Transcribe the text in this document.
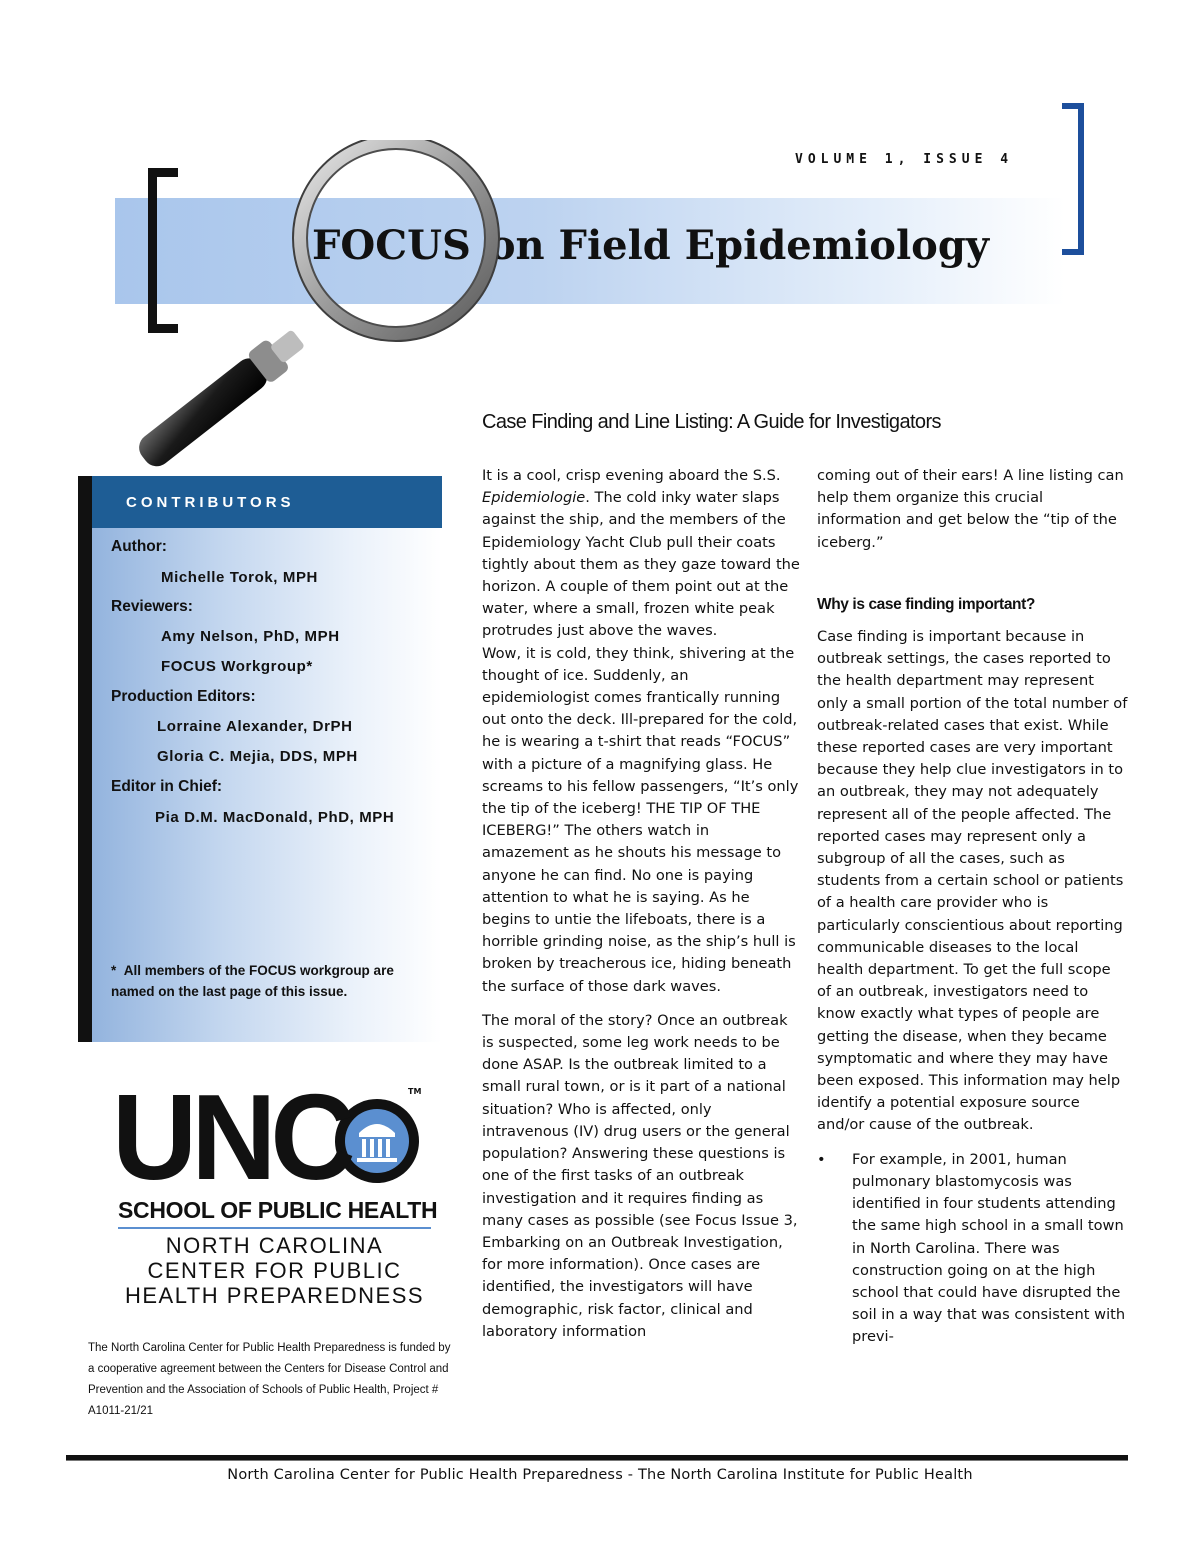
VOLUME 1, ISSUE 4
FOCUS on Field Epidemiology
CONTRIBUTORS
Author:
Michelle Torok, MPH
Reviewers:
Amy Nelson, PhD, MPH
FOCUS Workgroup*
Production Editors:
Lorraine Alexander, DrPH
Gloria C. Mejia, DDS, MPH
Editor in Chief:
Pia D.M. MacDonald, PhD, MPH
* All members of the FOCUS workgroup are named on the last page of this issue.
UNC	TM
SCHOOL OF PUBLIC HEALTH
NORTH CAROLINA
CENTER FOR PUBLIC
HEALTH PREPAREDNESS
The North Carolina Center for Public Health Preparedness is funded by a cooperative agreement between the Centers for Disease Control and Prevention and the Association of Schools of Public Health, Project # A1011-21/21
Case Finding and Line Listing: A Guide for Investigators

It is a cool, crisp evening aboard the S.S. Epidemiologie. The cold inky water slaps against the ship, and the members of the Epidemiology Yacht Club pull their coats tightly about them as they gaze toward the horizon. A couple of them point out at the water, where a small, frozen white peak protrudes just above the waves.

Wow, it is cold, they think, shivering at the thought of ice. Suddenly, an epidemiologist comes frantically running out onto the deck. Ill-prepared for the cold, he is wearing a t-shirt that reads “FOCUS” with a picture of a magnifying glass. He screams to his fellow passengers, “It’s only the tip of the iceberg! THE TIP OF THE ICEBERG!” The others watch in amazement as he shouts his message to anyone he can find. No one is paying attention to what he is saying. As he begins to untie the lifeboats, there is a horrible grinding noise, as the ship’s hull is broken by treacherous ice, hiding beneath the surface of those dark waves.

The moral of the story? Once an outbreak is suspected, some leg work needs to be done ASAP. Is the outbreak limited to a small rural town, or is it part of a national situation? Who is affected, only intravenous (IV) drug users or the general population? Answering these questions is one of the first tasks of an outbreak investigation and it requires finding as many cases as possible (see Focus Issue 3, Embarking on an Outbreak Investigation, for more information). Once cases are identified, the investigators will have demographic, risk factor, clinical and laboratory information

coming out of their ears! A line listing can help them organize this crucial information and get below the “tip of the iceberg.”

Why is case finding important?

Case finding is important because in outbreak settings, the cases reported to the health department may represent only a small portion of the total number of outbreak-related cases that exist. While these reported cases are very important because they help clue investigators in to an outbreak, they may not adequately represent all of the people affected. The reported cases may represent only a subgroup of all the cases, such as students from a certain school or patients of a health care provider who is particularly conscientious about reporting communicable diseases to the local health department. To get the full scope of an outbreak, investigators need to know exactly what types of people are getting the disease, when they became symptomatic and where they may have been exposed. This information may help identify a potential exposure source and/or cause of the outbreak.

• For example, in 2001, human pulmonary blastomycosis was identified in four students attending the same high school in a small town in North Carolina. There was construction going on at the high school that could have disrupted the soil in a way that was consistent with previ-
North Carolina Center for Public Health Preparedness - The North Carolina Institute for Public Health
